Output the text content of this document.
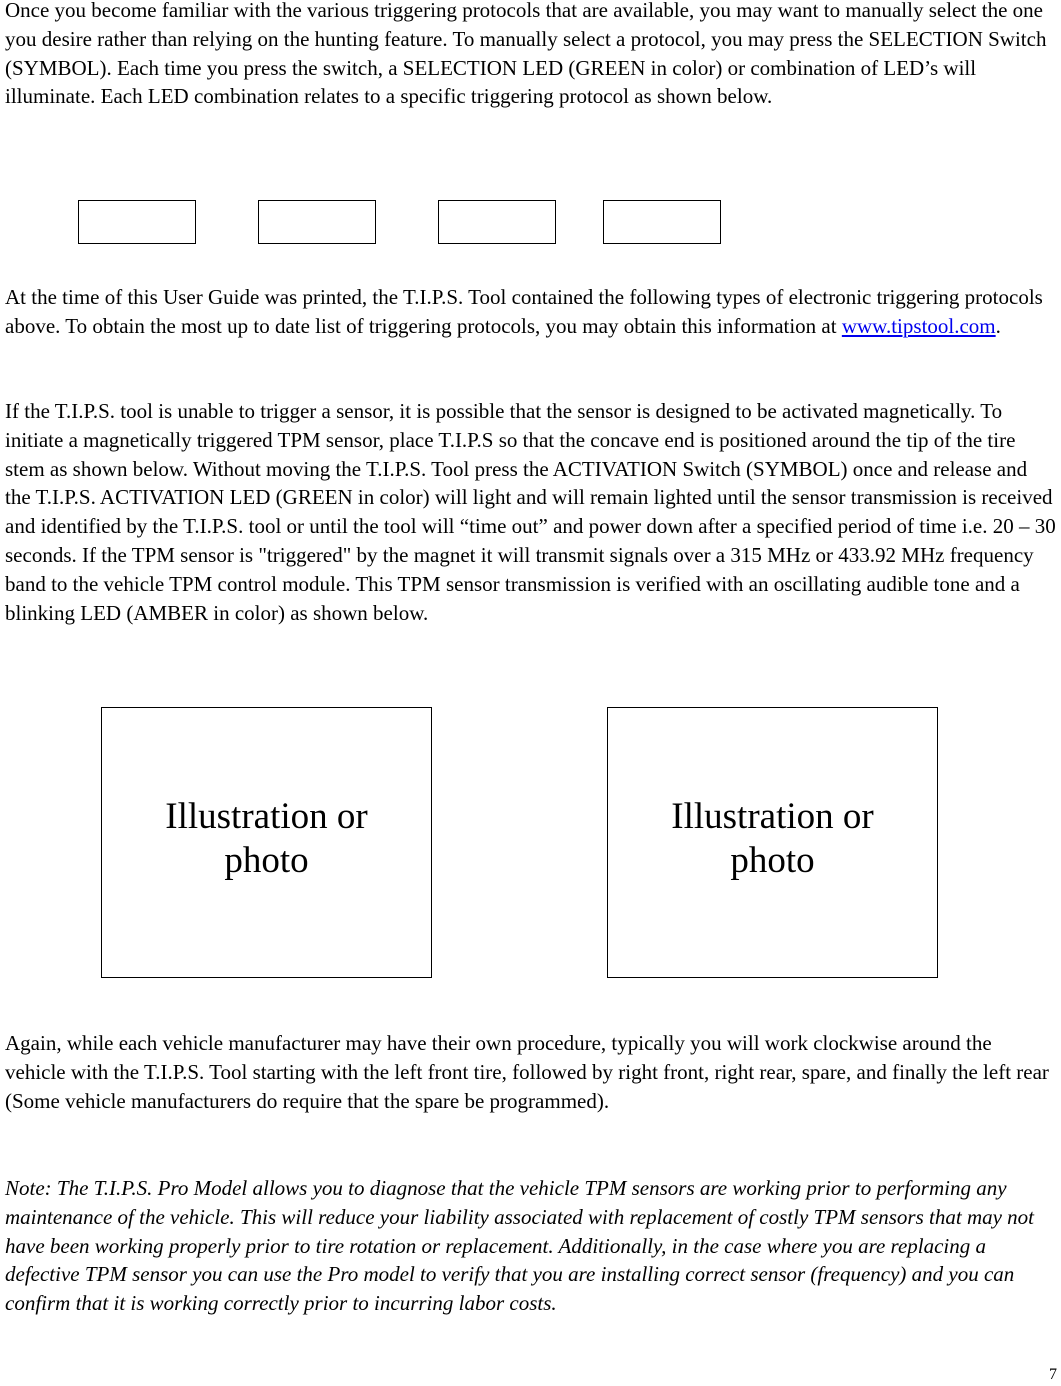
Once you become familiar with the various triggering protocols that are available, you may want to manually select the one you desire rather than relying on the hunting feature. To manually select a protocol, you may press the SELECTION Switch (SYMBOL). Each time you press the switch, a SELECTION LED (GREEN in color) or combination of LED’s will illuminate. Each LED combination relates to a specific triggering protocol as shown below.

At the time of this User Guide was printed, the T.I.P.S. Tool contained the following types of electronic triggering protocols above. To obtain the most up to date list of triggering protocols, you may obtain this information at www.tipstool.com.

If the T.I.P.S. tool is unable to trigger a sensor, it is possible that the sensor is designed to be activated magnetically. To initiate a magnetically triggered TPM sensor, place T.I.P.S so that the concave end is positioned around the tip of the tire stem as shown below. Without moving the T.I.P.S. Tool press the ACTIVATION Switch (SYMBOL) once and release and the T.I.P.S. ACTIVATION LED (GREEN in color) will light and will remain lighted until the sensor transmission is received and identified by the T.I.P.S. tool or until the tool will “time out” and power down after a specified period of time i.e. 20 – 30 seconds. If the TPM sensor is "triggered" by the magnet it will transmit signals over a 315 MHz or 433.92 MHz frequency band to the vehicle TPM control module. This TPM sensor transmission is verified with an oscillating audible tone and a blinking LED (AMBER in color) as shown below.

Illustration or photo
Illustration or photo

Again, while each vehicle manufacturer may have their own procedure, typically you will work clockwise around the vehicle with the T.I.P.S. Tool starting with the left front tire, followed by right front, right rear, spare, and finally the left rear (Some vehicle manufacturers do require that the spare be programmed).

Note: The T.I.P.S. Pro Model allows you to diagnose that the vehicle TPM sensors are working prior to performing any maintenance of the vehicle. This will reduce your liability associated with replacement of costly TPM sensors that may not have been working properly prior to tire rotation or replacement. Additionally, in the case where you are replacing a defective TPM sensor you can use the Pro model to verify that you are installing correct sensor (frequency) and you can confirm that it is working correctly prior to incurring labor costs.

7
